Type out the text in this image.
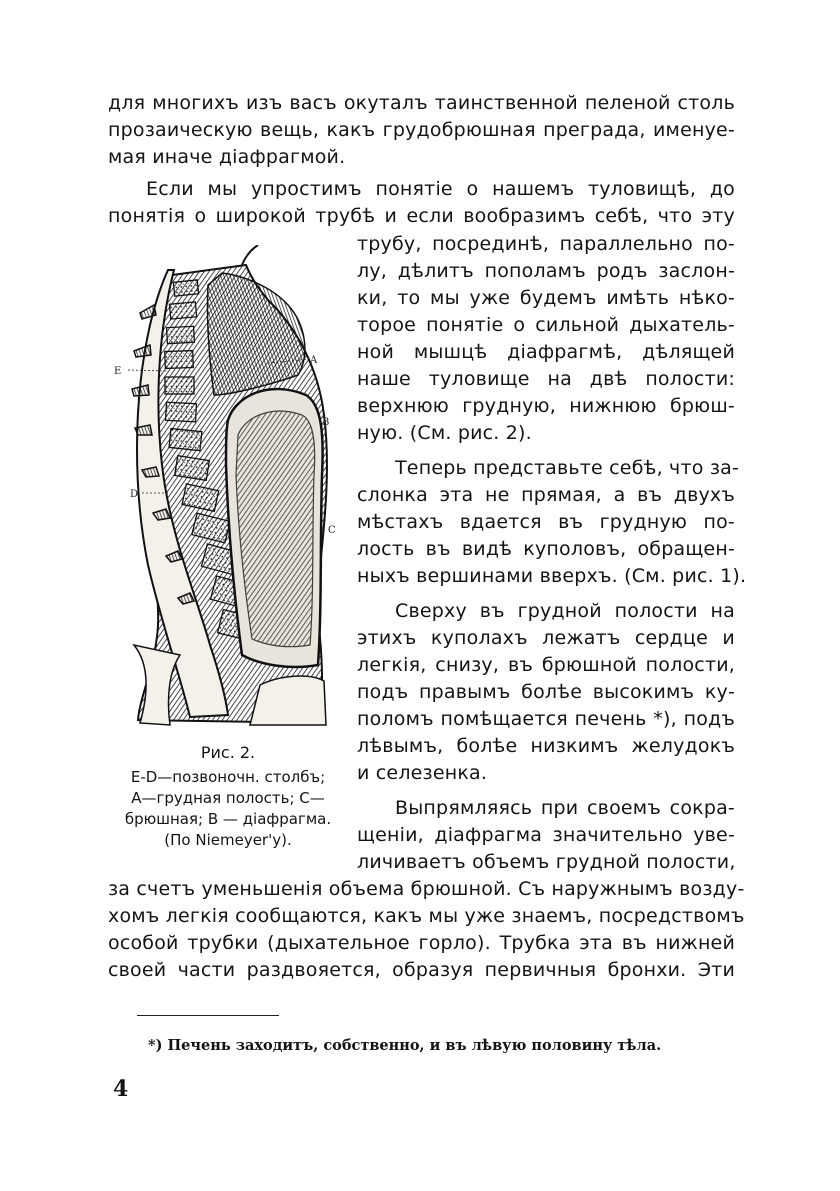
для многихъ изъ васъ окуталъ таинственной пеленой столь
прозаическую вещь, какъ грудобрюшная преграда, именуе-
мая иначе діафрагмой.
Если мы упростимъ понятіе о нашемъ туловищѣ, до
понятія о широкой трубѣ и если вообразимъ себѣ, что эту
трубу, посрединѣ, параллельно по-
лу, дѣлитъ пополамъ родъ заслон-
ки, то мы уже будемъ имѣть нѣко-
торое понятіе о сильной дыхатель-
ной мышцѣ діафрагмѣ, дѣлящей
наше туловище на двѣ полости:
верхнюю грудную, нижнюю брюш-
ную. (См. рис. 2).
Теперь представьте себѣ, что за-
слонка эта не прямая, а въ двухъ
мѣстахъ вдается въ грудную по-
лость въ видѣ куполовъ, обращен-
ныхъ вершинами вверхъ. (См. рис. 1).
Сверху въ грудной полости на
этихъ куполахъ лежатъ сердце и
легкія, снизу, въ брюшной полости,
подъ правымъ болѣе высокимъ ку-
поломъ помѣщается печень *), подъ
лѣвымъ, болѣе низкимъ желудокъ
и селезенка.
Выпрямляясь при своемъ сокра-
щеніи, діафрагма значительно уве-
личиваетъ объемъ грудной полости,
за счетъ уменьшенія объема брюшной. Съ наружнымъ возду-
хомъ легкія сообщаются, какъ мы уже знаемъ, посредствомъ
особой трубки (дыхательное горло). Трубка эта въ нижней
своей части раздвояется, образуя первичныя бронхи. Эти
E
A
B
D
C
Рис. 2.
E-D—позвоночн. столбъ;
A—грудная полость; C—
брюшная; B — діафрагма.
(По Niemeyer'у).
*) Печень заходитъ, собственно, и въ лѣвую половину тѣла.
4
